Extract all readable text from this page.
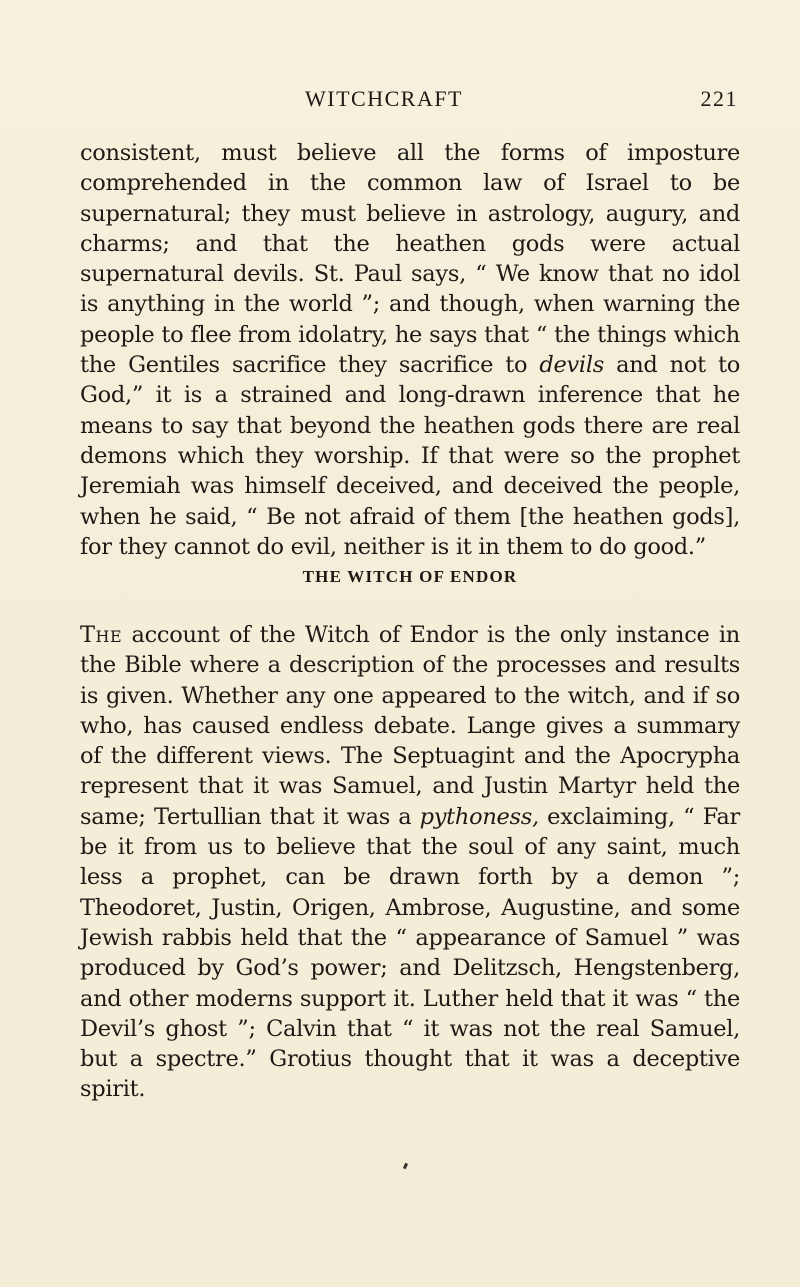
WITCHCRAFT	221

consistent, must believe all the forms of imposture comprehended in the common law of Israel to be supernatural; they must believe in astrology, augury, and charms; and that the heathen gods were actual supernatural devils. St. Paul says, “ We know that no idol is anything in the world ”; and though, when warning the people to flee from idolatry, he says that “ the things which the Gentiles sacrifice they sacrifice to devils and not to God,” it is a strained and long-drawn inference that he means to say that beyond the heathen gods there are real demons which they worship. If that were so the prophet Jeremiah was himself deceived, and deceived the people, when he said, “ Be not afraid of them [the heathen gods], for they cannot do evil, neither is it in them to do good.”

THE WITCH OF ENDOR

The account of the Witch of Endor is the only instance in the Bible where a description of the processes and results is given. Whether any one appeared to the witch, and if so who, has caused endless debate. Lange gives a summary of the different views. The Septuagint and the Apocrypha represent that it was Samuel, and Justin Martyr held the same; Tertullian that it was a pythoness, exclaiming, “ Far be it from us to believe that the soul of any saint, much less a prophet, can be drawn forth by a demon ”; Theodoret, Justin, Origen, Ambrose, Augustine, and some Jewish rabbis held that the “ appearance of Samuel ” was produced by God’s power; and Delitzsch, Hengstenberg, and other moderns support it. Luther held that it was “ the Devil’s ghost ”; Calvin that “ it was not the real Samuel, but a spectre.” Grotius thought that it was a deceptive spirit.
